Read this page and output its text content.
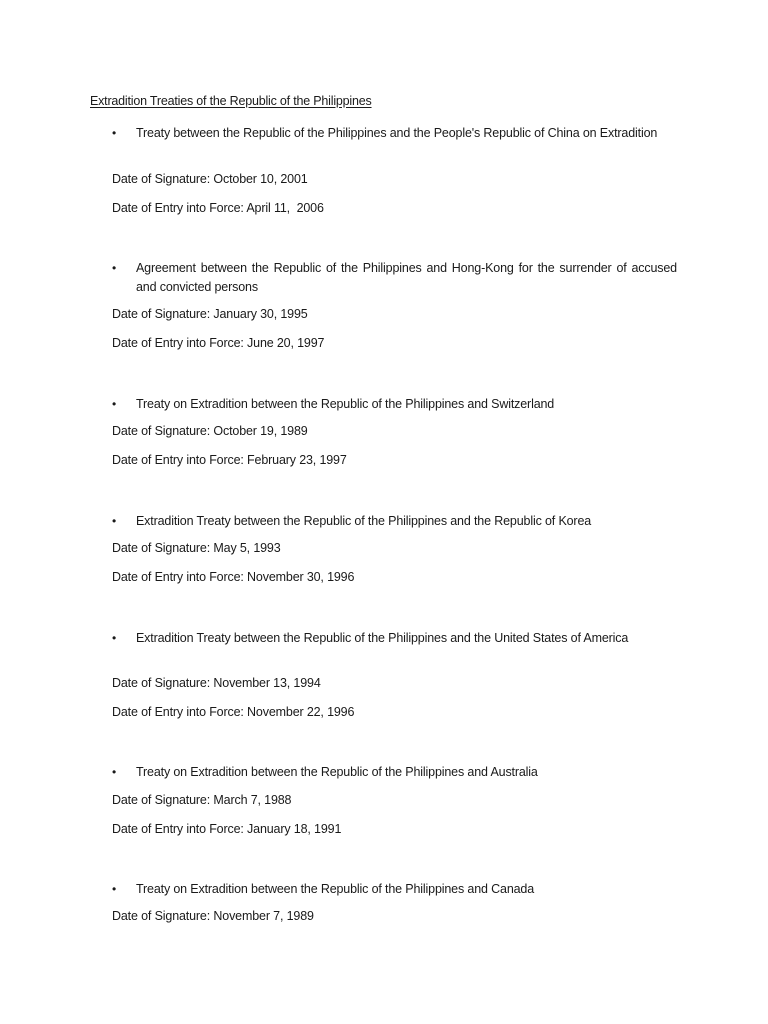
Extradition Treaties of the Republic of the Philippines
• Treaty between the Republic of the Philippines and the People's Republic of China on Extradition
Date of Signature: October 10, 2001
Date of Entry into Force: April 11,  2006
• Agreement between the Republic of the Philippines and Hong-Kong for the surrender of accused and convicted persons
Date of Signature: January 30, 1995
Date of Entry into Force: June 20, 1997
• Treaty on Extradition between the Republic of the Philippines and Switzerland
Date of Signature: October 19, 1989
Date of Entry into Force: February 23, 1997
• Extradition Treaty between the Republic of the Philippines and the Republic of Korea
Date of Signature: May 5, 1993
Date of Entry into Force: November 30, 1996
• Extradition Treaty between the Republic of the Philippines and the United States of America
Date of Signature: November 13, 1994
Date of Entry into Force: November 22, 1996
• Treaty on Extradition between the Republic of the Philippines and Australia
Date of Signature: March 7, 1988
Date of Entry into Force: January 18, 1991
• Treaty on Extradition between the Republic of the Philippines and Canada
Date of Signature: November 7, 1989
